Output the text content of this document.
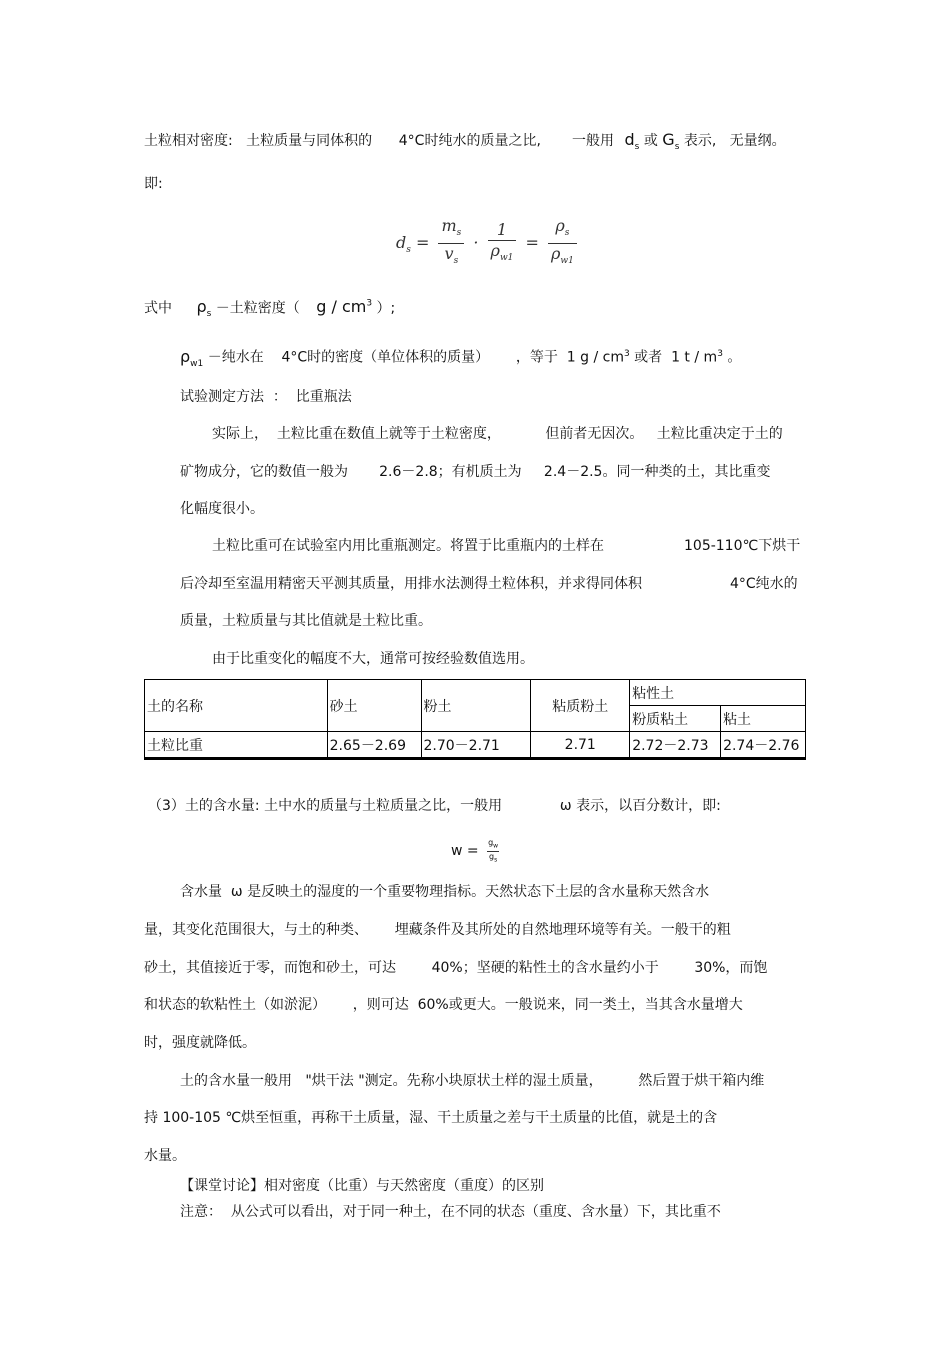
土粒相对密度:   土粒质量与同体积的      4°C时纯水的质量之比,       一般用 $d_s$ 或 $G_s$ 表示,   无量纲。
即:
$d_s = \frac{m_s}{v_s} \cdot \frac{1}{\rho_{w1}} = \frac{\rho_s}{\rho_{w1}}$
式中 $\rho_s$ －土粒密度（ g / $cm^3$ ）;
$\rho_{w1}$ －纯水在    4°C时的密度（单位体积的质量）      ，等于  1 g / $cm^3$ 或者  1 t / $m^3$ 。
试验测定方法  ：  比重瓶法
实际上，  土粒比重在数值上就等于土粒密度，          但前者无因次。   土粒比重决定于土的
矿物成分，它的数值一般为       2.6－2.8；有机质土为     2.4－2.5。同一种类的土，其比重变
化幅度很小。
土粒比重可在试验室内用比重瓶测定。将置于比重瓶内的土样在	105-110℃下烘干
后冷却至室温用精密天平测其质量，用排水法测得土粒体积，并求得同体积	4°C纯水的
质量，土粒质量与其比值就是土粒比重。
由于比重变化的幅度不大，通常可按经验数值选用。
土的名称	砂土	粉土	粘质粉土	粘性土	
				粉质粘土	粘土
土粒比重	2.65－2.69	2.70－2.71	2.71	2.72－2.73	2.74－2.76
（3）土的含水量: 土中水的质量与土粒质量之比，一般用             ω 表示，以百分数计，即:
$w = \frac{g_w}{g_s}$
含水量  ω 是反映土的湿度的一个重要物理指标。天然状态下土层的含水量称天然含水
量，其变化范围很大，与土的种类、      埋藏条件及其所处的自然地理环境等有关。一般干的粗
砂土，其值接近于零，而饱和砂土，可达        40%；坚硬的粘性土的含水量约小于        30%，而饱
和状态的软粘性土（如淤泥）      ，则可达  60%或更大。一般说来，同一类土，当其含水量增大
时，强度就降低。
土的含水量一般用   "烘干法 "测定。先称小块原状土样的湿土质量，        然后置于烘干箱内维
持 100-105 ℃烘至恒重，再称干土质量，湿、干土质量之差与干土质量的比值，就是土的含
水量。
【课堂讨论】相对密度（比重）与天然密度（重度）的区别
注意：  从公式可以看出，对于同一种土，在不同的状态（重度、含水量）下，其比重不
